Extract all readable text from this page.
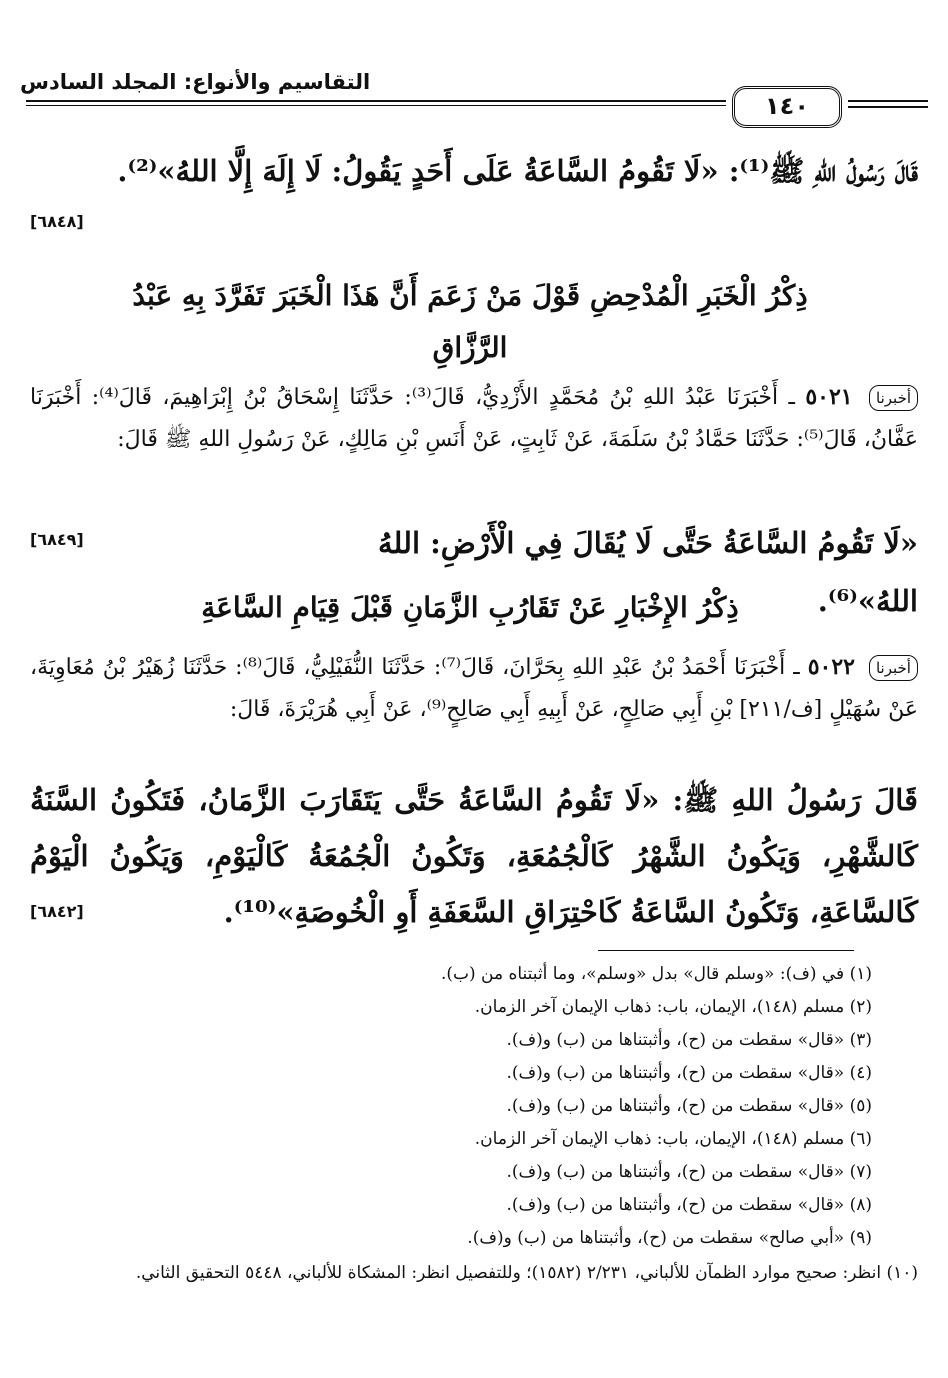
التقاسيم والأنواع: المجلد السادس
١٤٠
قَالَ رَسُولُ اللهِ ﷺ⁽¹⁾: «لَا تَقُومُ السَّاعَةُ عَلَى أَحَدٍ يَقُولُ: لَا إِلَهَ إِلَّا اللهُ»⁽²⁾.
[٦٨٤٨]
ذِكْرُ الْخَبَرِ الْمُدْحِضِ قَوْلَ مَنْ زَعَمَ أَنَّ هَذَا الْخَبَرَ تَفَرَّدَ بِهِ عَبْدُ الرَّزَّاقِ
أخبرنا ٥٠٢١ ـ أَخْبَرَنَا عَبْدُ اللهِ بْنُ مُحَمَّدٍ الأَزْدِيُّ، قَالَ⁽³⁾: حَدَّثَنَا إِسْحَاقُ بْنُ إِبْرَاهِيمَ، قَالَ⁽⁴⁾: أَخْبَرَنَا عَفَّانُ، قَالَ⁽⁵⁾: حَدَّثَنَا حَمَّادُ بْنُ سَلَمَةَ، عَنْ ثَابِتٍ، عَنْ أَنَسِ بْنِ مَالِكٍ، عَنْ رَسُولِ اللهِ ﷺ قَالَ:
«لَا تَقُومُ السَّاعَةُ حَتَّى لَا يُقَالَ فِي الْأَرْضِ: اللهُ اللهُ»⁽⁶⁾.
[٦٨٤٩]
ذِكْرُ الإِخْبَارِ عَنْ تَقَارُبِ الزَّمَانِ قَبْلَ قِيَامِ السَّاعَةِ
أخبرنا ٥٠٢٢ ـ أَخْبَرَنَا أَحْمَدُ بْنُ عَبْدِ اللهِ بِحَرَّانَ، قَالَ⁽⁷⁾: حَدَّثَنَا النُّفَيْلِيُّ، قَالَ⁽⁸⁾: حَدَّثَنَا زُهَيْرُ بْنُ مُعَاوِيَةَ، عَنْ سُهَيْلٍ [ف/٢١١] بْنِ أَبِي صَالِحٍ، عَنْ أَبِيهِ أَبِي صَالِحٍ⁽⁹⁾، عَنْ أَبِي هُرَيْرَةَ، قَالَ:
قَالَ رَسُولُ اللهِ ﷺ: «لَا تَقُومُ السَّاعَةُ حَتَّى يَتَقَارَبَ الزَّمَانُ، فَتَكُونُ السَّنَةُ كَالشَّهْرِ، وَيَكُونُ الشَّهْرُ كَالْجُمُعَةِ، وَتَكُونُ الْجُمُعَةُ كَالْيَوْمِ، وَيَكُونُ الْيَوْمُ كَالسَّاعَةِ، وَتَكُونُ السَّاعَةُ كَاحْتِرَاقِ السَّعَفَةِ أَوِ الْخُوصَةِ»⁽¹⁰⁾.
[٦٨٤٢]
(١) في (ف): «وسلم قال» بدل «وسلم»، وما أثبتناه من (ب).
(٢) مسلم (١٤٨)، الإيمان، باب: ذهاب الإيمان آخر الزمان.
(٣) «قال» سقطت من (ح)، وأثبتناها من (ب) و(ف).
(٤) «قال» سقطت من (ح)، وأثبتناها من (ب) و(ف).
(٥) «قال» سقطت من (ح)، وأثبتناها من (ب) و(ف).
(٦) مسلم (١٤٨)، الإيمان، باب: ذهاب الإيمان آخر الزمان.
(٧) «قال» سقطت من (ح)، وأثبتناها من (ب) و(ف).
(٨) «قال» سقطت من (ح)، وأثبتناها من (ب) و(ف).
(٩) «أبي صالح» سقطت من (ح)، وأثبتناها من (ب) و(ف).
(١٠) انظر: صحيح موارد الظمآن للألباني، ٢/٢٣١ (١٥٨٢)؛ وللتفصيل انظر: المشكاة للألباني، ٥٤٤٨ التحقيق الثاني.
